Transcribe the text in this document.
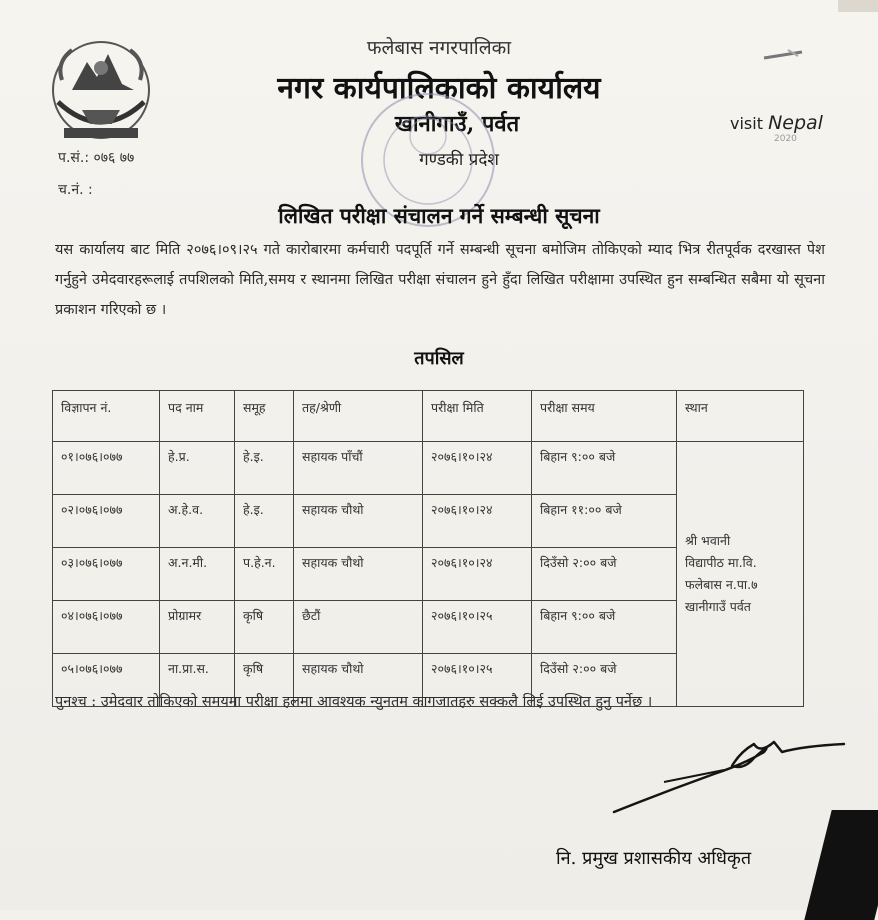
फलेबास नगरपालिका
नगर कार्यपालिकाको कार्यालय
खानीगाउँ, पर्वत
गण्डकी प्रदेश
visit Nepal
2020
प.सं.: ०७६ ७७
च.नं. :
लिखित परीक्षा संचालन गर्ने सम्बन्धी सूचना
यस कार्यालय बाट मिति २०७६।०९।२५ गते कारोबारमा कर्मचारी पदपूर्ति गर्ने सम्बन्धी सूचना बमोजिम तोकिएको म्याद भित्र रीतपूर्वक दरखास्त पेश गर्नुहुने उमेदवारहरूलाई तपशिलको मिति,समय र स्थानमा लिखित परीक्षा संचालन हुने हुँदा लिखित परीक्षामा उपस्थित हुन सम्बन्धित सबैमा यो सूचना प्रकाशन गरिएको छ ।
तपसिल
विज्ञापन नं.	पद नाम	समूह	तह/श्रेणी	परीक्षा मिति	परीक्षा समय	स्थान
०१।०७६।०७७	हे.प्र.	हे.इ.	सहायक पाँचौं	२०७६।१०।२४	बिहान ९:०० बजे	श्री भवानी
विद्यापीठ मा.वि.
फलेबास न.पा.७
खानीगाउँ पर्वत

०२।०७६।०७७	अ.हे.व.	हे.इ.	सहायक चौथो	२०७६।१०।२४	बिहान ११:०० बजे	
०३।०७६।०७७	अ.न.मी.	प.हे.न.	सहायक चौथो	२०७६।१०।२४	दिउँसो २:०० बजे	
०४।०७६।०७७	प्रोग्रामर	कृषि	छैटौं	२०७६।१०।२५	बिहान ९:०० बजे	
०५।०७६।०७७	ना.प्रा.स.	कृषि	सहायक चौथो	२०७६।१०।२५	दिउँसो २:०० बजे	
पुनश्च : उमेदवार तोकिएको समयमा परीक्षा हलमा आवश्यक न्युनतम कागजातहरु सक्कलै लिई उपस्थित हुनु पर्नेछ ।
नि. प्रमुख प्रशासकीय अधिकृत
